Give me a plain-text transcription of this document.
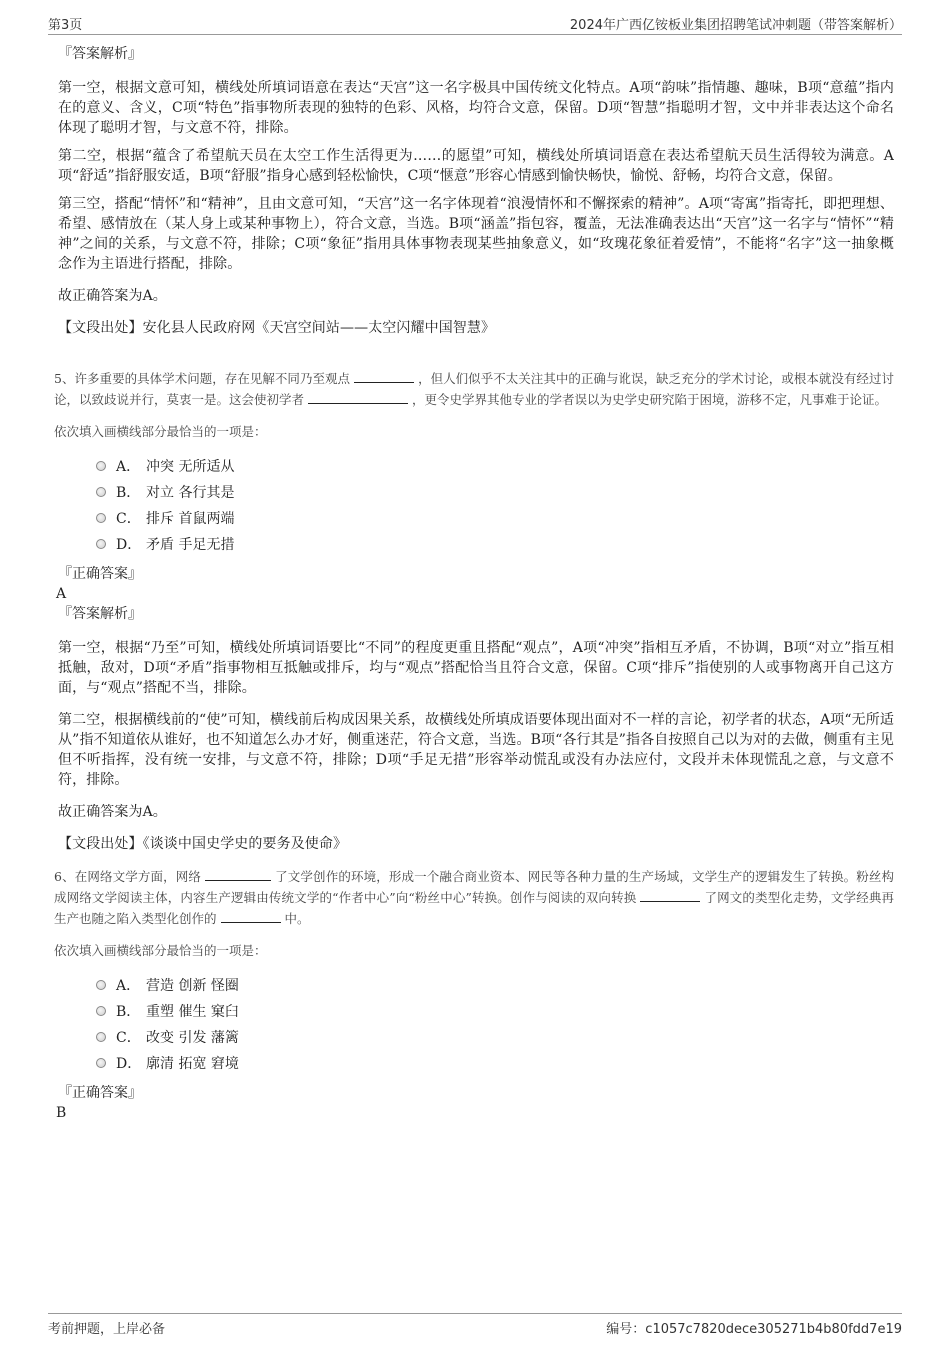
第3页	2024年广西亿铵板业集团招聘笔试冲刺题（带答案解析）

『答案解析』

第一空，根据文意可知，横线处所填词语意在表达“天宫”这一名字极具中国传统文化特点。A项“韵味”指情趣、趣味，B项“意蕴”指内在的意义、含义，C项“特色”指事物所表现的独特的色彩、风格，均符合文意，保留。D项“智慧”指聪明才智，文中并非表达这个命名体现了聪明才智，与文意不符，排除。

第二空，根据“蕴含了希望航天员在太空工作生活得更为……的愿望”可知，横线处所填词语意在表达希望航天员生活得较为满意。A项“舒适”指舒服安适，B项“舒服”指身心感到轻松愉快，C项“惬意”形容心情感到愉快畅快，愉悦、舒畅，均符合文意，保留。

第三空，搭配“情怀”和“精神”，且由文意可知，“天宫”这一名字体现着“浪漫情怀和不懈探索的精神”。A项“寄寓”指寄托，即把理想、希望、感情放在（某人身上或某种事物上），符合文意，当选。B项“涵盖”指包容，覆盖，无法准确表达出“天宫”这一名字与“情怀”“精神”之间的关系，与文意不符，排除；C项“象征”指用具体事物表现某些抽象意义，如“玫瑰花象征着爱情”，不能将“名字”这一抽象概念作为主语进行搭配，排除。

故正确答案为A。

【文段出处】安化县人民政府网《天宫空间站——太空闪耀中国智慧》

5、许多重要的具体学术问题，存在见解不同乃至观点	，但人们似乎不太关注其中的正确与讹误，缺乏充分的学术讨论，或根本就没有经过讨论，以致歧说并行，莫衷一是。这会使初学者	，更令史学界其他专业的学者误以为史学史研究陷于困境，游移不定，凡事难于论证。

依次填入画横线部分最恰当的一项是：

A． 冲突 无所适从
B． 对立 各行其是
C． 排斥 首鼠两端
D． 矛盾 手足无措

『正确答案』

A

『答案解析』

第一空，根据“乃至”可知，横线处所填词语要比“不同”的程度更重且搭配“观点”，A项“冲突”指相互矛盾，不协调，B项“对立”指互相抵触，敌对，D项“矛盾”指事物相互抵触或排斥，均与“观点”搭配恰当且符合文意，保留。C项“排斥”指使别的人或事物离开自己这方面，与“观点”搭配不当，排除。

第二空，根据横线前的“使”可知，横线前后构成因果关系，故横线处所填成语要体现出面对不一样的言论，初学者的状态，A项“无所适从”指不知道依从谁好，也不知道怎么办才好，侧重迷茫，符合文意，当选。B项“各行其是”指各自按照自己以为对的去做，侧重有主见但不听指挥，没有统一安排，与文意不符，排除；D项“手足无措”形容举动慌乱或没有办法应付，文段并未体现慌乱之意，与文意不符，排除。

故正确答案为A。

【文段出处】《谈谈中国史学史的要务及使命》

6、在网络文学方面，网络	了文学创作的环境，形成一个融合商业资本、网民等各种力量的生产场域，文学生产的逻辑发生了转换。粉丝构成网络文学阅读主体，内容生产逻辑由传统文学的“作者中心”向“粉丝中心”转换。创作与阅读的双向转换	了网文的类型化走势，文学经典再生产也随之陷入类型化创作的	中。

依次填入画横线部分最恰当的一项是：

A． 营造 创新 怪圈
B． 重塑 催生 窠臼
C． 改变 引发 藩篱
D． 廓清 拓宽 窘境

『正确答案』

B

考前押题，上岸必备	编号：c1057c7820dece305271b4b80fdd7e19
